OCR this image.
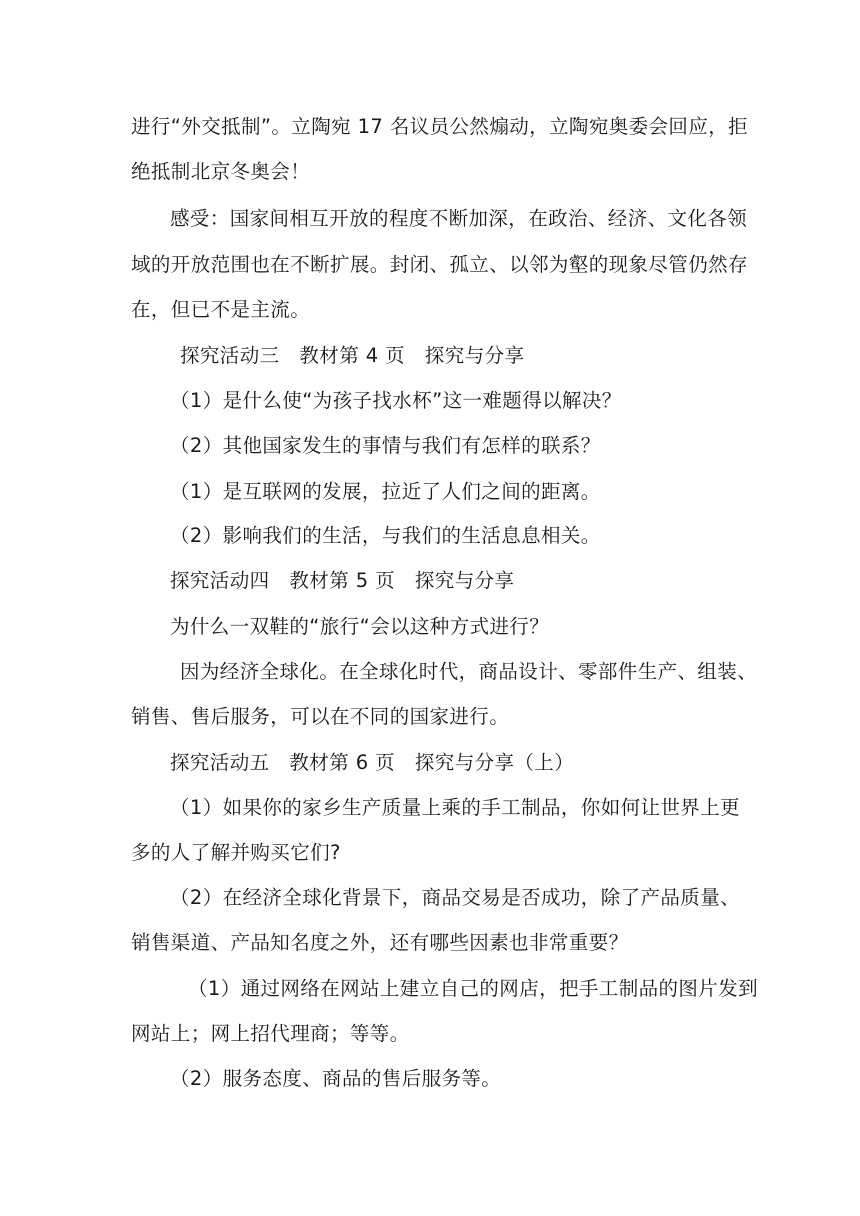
进行“外交抵制”。立陶宛 17 名议员公然煽动，立陶宛奥委会回应，拒
绝抵制北京冬奥会！
感受：国家间相互开放的程度不断加深，在政治、经济、文化各领
域的开放范围也在不断扩展。封闭、孤立、以邻为壑的现象尽管仍然存
在，但已不是主流。
探究活动三　教材第 4 页　探究与分享
（1）是什么使“为孩子找水杯”这一难题得以解决？
（2）其他国家发生的事情与我们有怎样的联系？
（1）是互联网的发展，拉近了人们之间的距离。
（2）影响我们的生活，与我们的生活息息相关。
探究活动四　教材第 5 页　探究与分享
为什么一双鞋的“旅行“会以这种方式进行？
因为经济全球化。在全球化时代，商品设计、零部件生产、组装、
销售、售后服务，可以在不同的国家进行。
探究活动五　教材第 6 页　探究与分享（上）
（1）如果你的家乡生产质量上乘的手工制品，你如何让世界上更
多的人了解并购买它们?
（2）在经济全球化背景下，商品交易是否成功，除了产品质量、
销售渠道、产品知名度之外，还有哪些因素也非常重要？
（1）通过网络在网站上建立自己的网店，把手工制品的图片发到
网站上；网上招代理商；等等。
（2）服务态度、商品的售后服务等。
